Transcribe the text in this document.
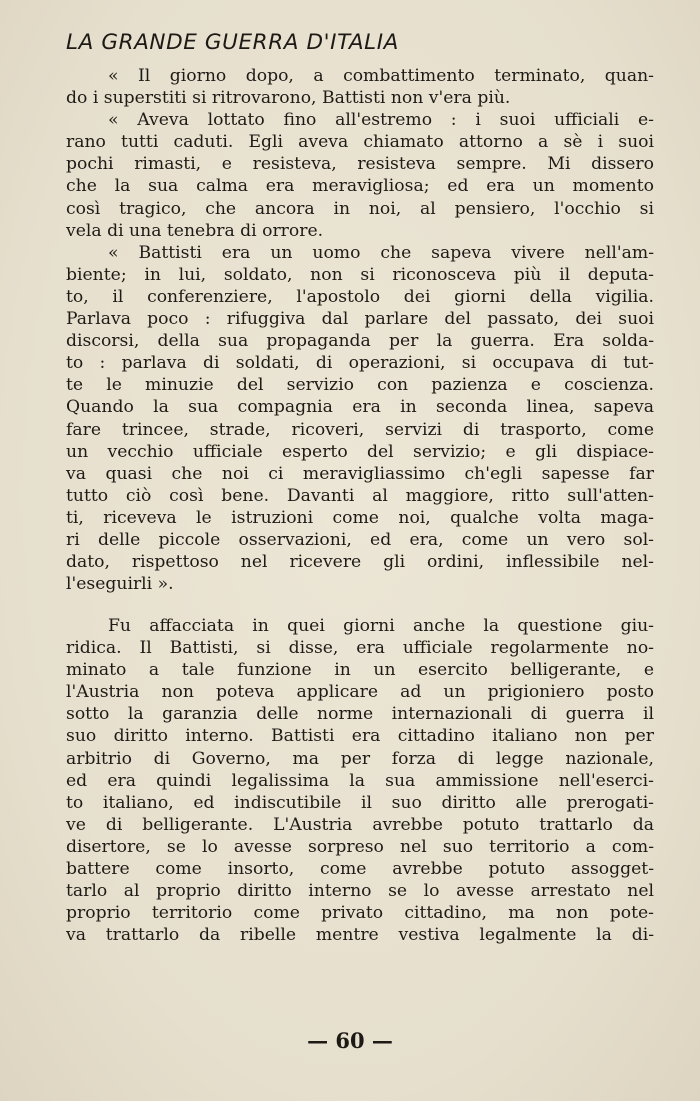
LA GRANDE GUERRA D'ITALIA
« Il giorno dopo, a combattimento terminato, quan-
do i superstiti si ritrovarono, Battisti non v'era più.
« Aveva lottato fino all'estremo : i suoi ufficiali e-
rano tutti caduti. Egli aveva chiamato attorno a sè i suoi
pochi rimasti, e resisteva, resisteva sempre. Mi dissero
che la sua calma era meravigliosa; ed era un momento
così tragico, che ancora in noi, al pensiero, l'occhio si
vela di una tenebra di orrore.
« Battisti era un uomo che sapeva vivere nell'am-
biente; in lui, soldato, non si riconosceva più il deputa-
to, il conferenziere, l'apostolo dei giorni della vigilia.
Parlava poco : rifuggiva dal parlare del passato, dei suoi
discorsi, della sua propaganda per la guerra. Era solda-
to : parlava di soldati, di operazioni, si occupava di tut-
te le minuzie del servizio con pazienza e coscienza.
Quando la sua compagnia era in seconda linea, sapeva
fare trincee, strade, ricoveri, servizi di trasporto, come
un vecchio ufficiale esperto del servizio; e gli dispiace-
va quasi che noi ci meravigliassimo ch'egli sapesse far
tutto ciò così bene. Davanti al maggiore, ritto sull'atten-
ti, riceveva le istruzioni come noi, qualche volta maga-
ri delle piccole osservazioni, ed era, come un vero sol-
dato, rispettoso nel ricevere gli ordini, inflessibile nel-
l'eseguirli ».
Fu affacciata in quei giorni anche la questione giu-
ridica. Il Battisti, si disse, era ufficiale regolarmente no-
minato a tale funzione in un esercito belligerante, e
l'Austria non poteva applicare ad un prigioniero posto
sotto la garanzia delle norme internazionali di guerra il
suo diritto interno. Battisti era cittadino italiano non per
arbitrio di Governo, ma per forza di legge nazionale,
ed era quindi legalissima la sua ammissione nell'eserci-
to italiano, ed indiscutibile il suo diritto alle prerogati-
ve di belligerante. L'Austria avrebbe potuto trattarlo da
disertore, se lo avesse sorpreso nel suo territorio a com-
battere come insorto, come avrebbe potuto assogget-
tarlo al proprio diritto interno se lo avesse arrestato nel
proprio territorio come privato cittadino, ma non pote-
va trattarlo da ribelle mentre vestiva legalmente la di-
— 60 —
